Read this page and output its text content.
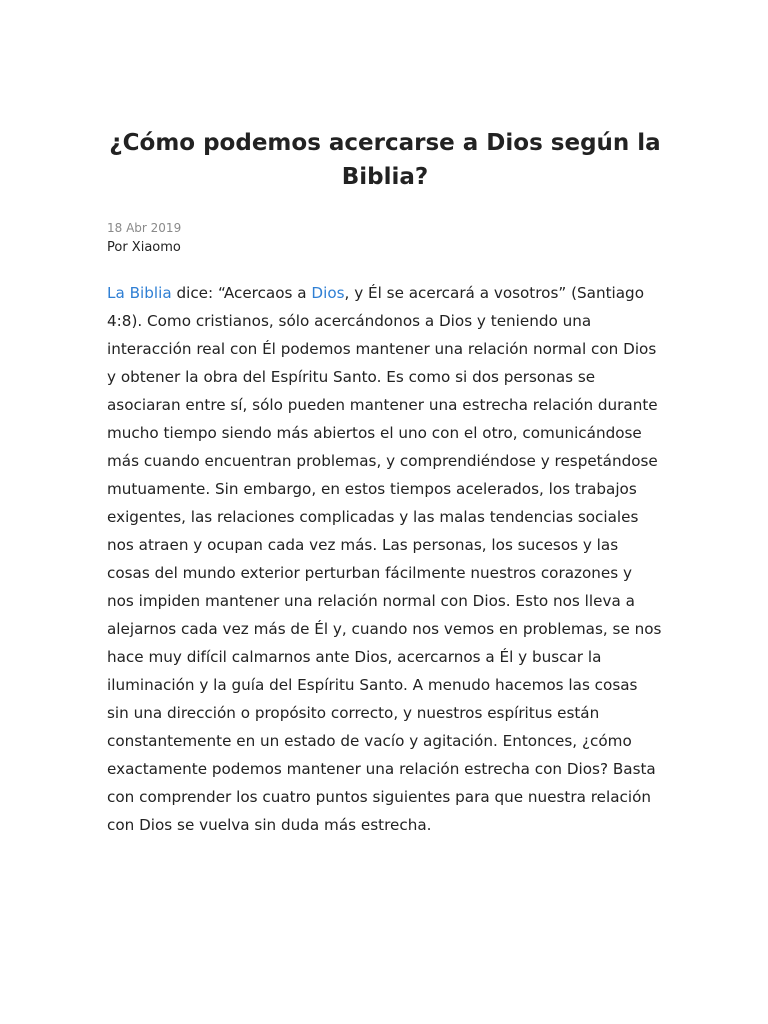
¿Cómo podemos acercarse a Dios según la Biblia?
18 Abr 2019
Por Xiaomo

La Biblia dice: “Acercaos a Dios, y Él se acercará a vosotros” (Santiago 4:8). Como cristianos, sólo acercándonos a Dios y teniendo una interacción real con Él podemos mantener una relación normal con Dios y obtener la obra del Espíritu Santo. Es como si dos personas se asociaran entre sí, sólo pueden mantener una estrecha relación durante mucho tiempo siendo más abiertos el uno con el otro, comunicándose más cuando encuentran problemas, y comprendiéndose y respetándose mutuamente. Sin embargo, en estos tiempos acelerados, los trabajos exigentes, las relaciones complicadas y las malas tendencias sociales nos atraen y ocupan cada vez más. Las personas, los sucesos y las cosas del mundo exterior perturban fácilmente nuestros corazones y nos impiden mantener una relación normal con Dios. Esto nos lleva a alejarnos cada vez más de Él y, cuando nos vemos en problemas, se nos hace muy difícil calmarnos ante Dios, acercarnos a Él y buscar la iluminación y la guía del Espíritu Santo. A menudo hacemos las cosas sin una dirección o propósito correcto, y nuestros espíritus están constantemente en un estado de vacío y agitación. Entonces, ¿cómo exactamente podemos mantener una relación estrecha con Dios? Basta con comprender los cuatro puntos siguientes para que nuestra relación con Dios se vuelva sin duda más estrecha.
